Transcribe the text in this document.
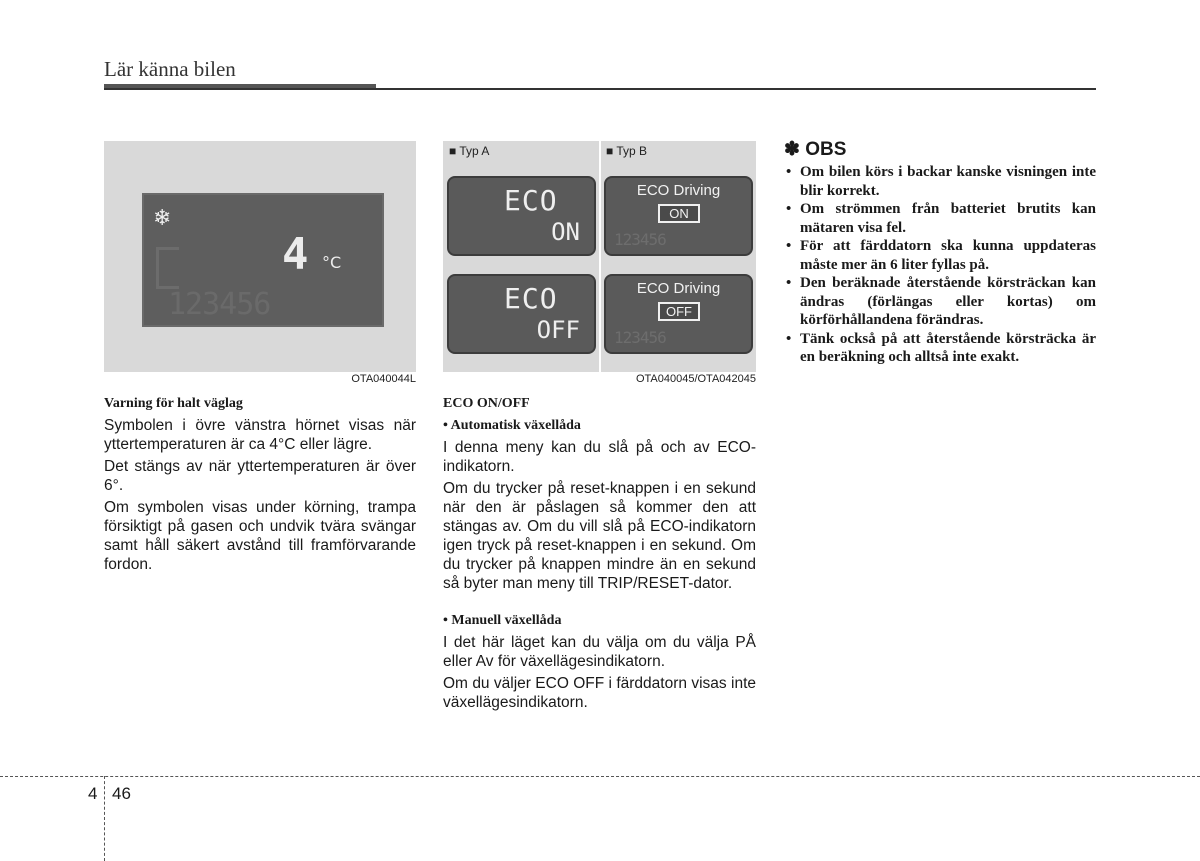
Lär känna bilen
❄
4 °C
123456
OTA040044L
■ Typ A	■ Typ B
ECO
ON
ECO
OFF
ECO Driving
ON
123456
ECO Driving
OFF
123456
OTA040045/OTA042045

Varning för halt väglag

Symbolen i övre vänstra hörnet visas när yttertemperaturen är ca 4°C eller lägre.

Det stängs av när yttertemperaturen är över 6°.

Om symbolen visas under körning, trampa försiktigt på gasen och undvik tvära svängar samt håll säkert avstånd till framförvarande fordon.

ECO ON/OFF

• Automatisk växellåda

I denna meny kan du slå på och av ECO-indikatorn.

Om du trycker på reset-knappen i en sekund när den är påslagen så kommer den att stängas av. Om du vill slå på ECO-indikatorn igen tryck på reset-knappen i en sekund. Om du trycker på knappen mindre än en sekund så byter man meny till TRIP/RESET-dator.

• Manuell växellåda

I det här läget kan du välja om du välja PÅ eller Av för växellägesindikatorn.

Om du väljer ECO OFF i färddatorn visas inte växellägesindikatorn.

✽ OBS
• Om bilen körs i backar kanske visningen inte blir korrekt.
• Om strömmen från batteriet brutits kan mätaren visa fel.
• För att färddatorn ska kunna uppdateras måste mer än 6 liter fyllas på.
• Den beräknade återstående körsträckan kan ändras (förlängas eller kortas) om körförhållandena förändras.
• Tänk också på att återstående körsträcka är en beräkning och alltså inte exakt.
4 46
